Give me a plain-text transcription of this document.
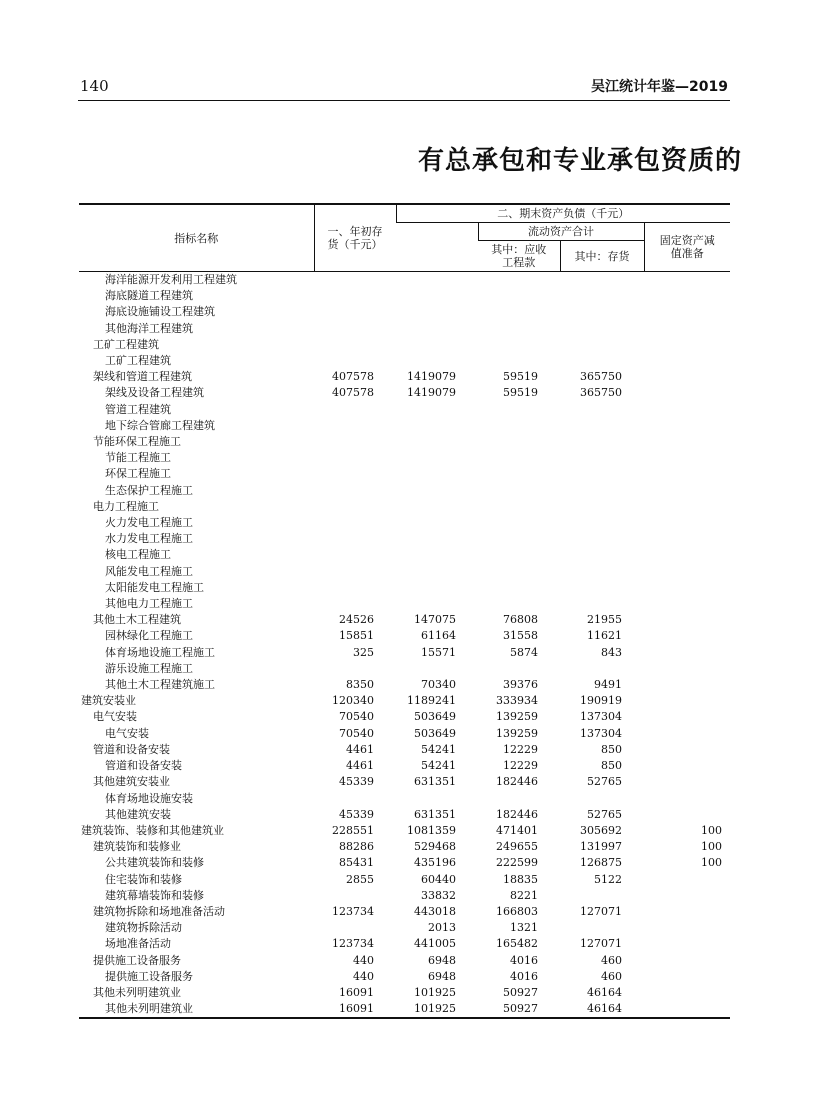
140	吴江统计年鉴—2019
有总承包和专业承包资质的
指标名称	一、年初存货（千元）	二、期末资产负债（千元）			
			流动资产合计		固定资产减值准备
			其中：应收工程款	其中：存货	
海洋能源开发利用工程建筑					
海底隧道工程建筑					
海底设施铺设工程建筑					
其他海洋工程建筑					
工矿工程建筑					
工矿工程建筑					
架线和管道工程建筑	407578	1419079	59519	365750	
架线及设备工程建筑	407578	1419079	59519	365750	
管道工程建筑					
地下综合管廊工程建筑					
节能环保工程施工					
节能工程施工					
环保工程施工					
生态保护工程施工					
电力工程施工					
火力发电工程施工					
水力发电工程施工					
核电工程施工					
风能发电工程施工					
太阳能发电工程施工					
其他电力工程施工					
其他土木工程建筑	24526	147075	76808	21955	
园林绿化工程施工	15851	61164	31558	11621	
体育场地设施工程施工	325	15571	5874	843	
游乐设施工程施工					
其他土木工程建筑施工	8350	70340	39376	9491	
建筑安装业	120340	1189241	333934	190919	
电气安装	70540	503649	139259	137304	
电气安装	70540	503649	139259	137304	
管道和设备安装	4461	54241	12229	850	
管道和设备安装	4461	54241	12229	850	
其他建筑安装业	45339	631351	182446	52765	
体育场地设施安装					
其他建筑安装	45339	631351	182446	52765	
建筑装饰、装修和其他建筑业	228551	1081359	471401	305692	100
建筑装饰和装修业	88286	529468	249655	131997	100
公共建筑装饰和装修	85431	435196	222599	126875	100
住宅装饰和装修	2855	60440	18835	5122	
建筑幕墙装饰和装修		33832	8221		
建筑物拆除和场地准备活动	123734	443018	166803	127071	
建筑物拆除活动		2013	1321		
场地准备活动	123734	441005	165482	127071	
提供施工设备服务	440	6948	4016	460	
提供施工设备服务	440	6948	4016	460	
其他未列明建筑业	16091	101925	50927	46164	
其他未列明建筑业	16091	101925	50927	46164	
